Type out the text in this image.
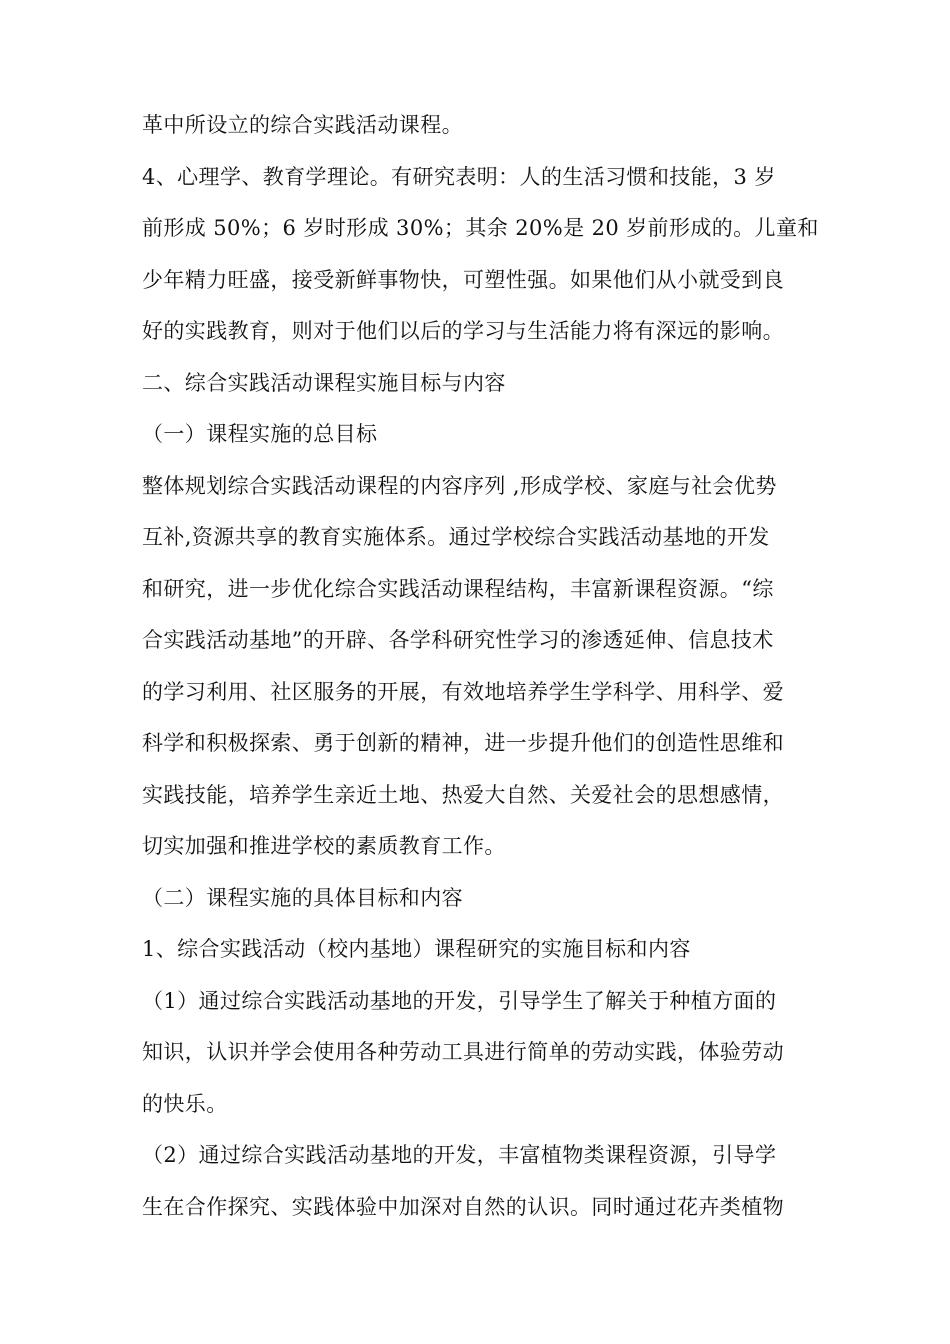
革中所设立的综合实践活动课程。
4、心理学、教育学理论。有研究表明：人的生活习惯和技能，3 岁
前形成 50%；6 岁时形成 30%；其余 20%是 20 岁前形成的。儿童和
少年精力旺盛，接受新鲜事物快，可塑性强。如果他们从小就受到良
好的实践教育，则对于他们以后的学习与生活能力将有深远的影响。
二、综合实践活动课程实施目标与内容
（一）课程实施的总目标
整体规划综合实践活动课程的内容序列 ,形成学校、家庭与社会优势
互补,资源共享的教育实施体系。通过学校综合实践活动基地的开发
和研究，进一步优化综合实践活动课程结构，丰富新课程资源。“综
合实践活动基地”的开辟、各学科研究性学习的渗透延伸、信息技术
的学习利用、社区服务的开展，有效地培养学生学科学、用科学、爱
科学和积极探索、勇于创新的精神，进一步提升他们的创造性思维和
实践技能，培养学生亲近土地、热爱大自然、关爱社会的思想感情，
切实加强和推进学校的素质教育工作。
（二）课程实施的具体目标和内容
1、综合实践活动（校内基地）课程研究的实施目标和内容
（1）通过综合实践活动基地的开发，引导学生了解关于种植方面的
知识，认识并学会使用各种劳动工具进行简单的劳动实践，体验劳动
的快乐。
（2）通过综合实践活动基地的开发，丰富植物类课程资源，引导学
生在合作探究、实践体验中加深对自然的认识。同时通过花卉类植物
